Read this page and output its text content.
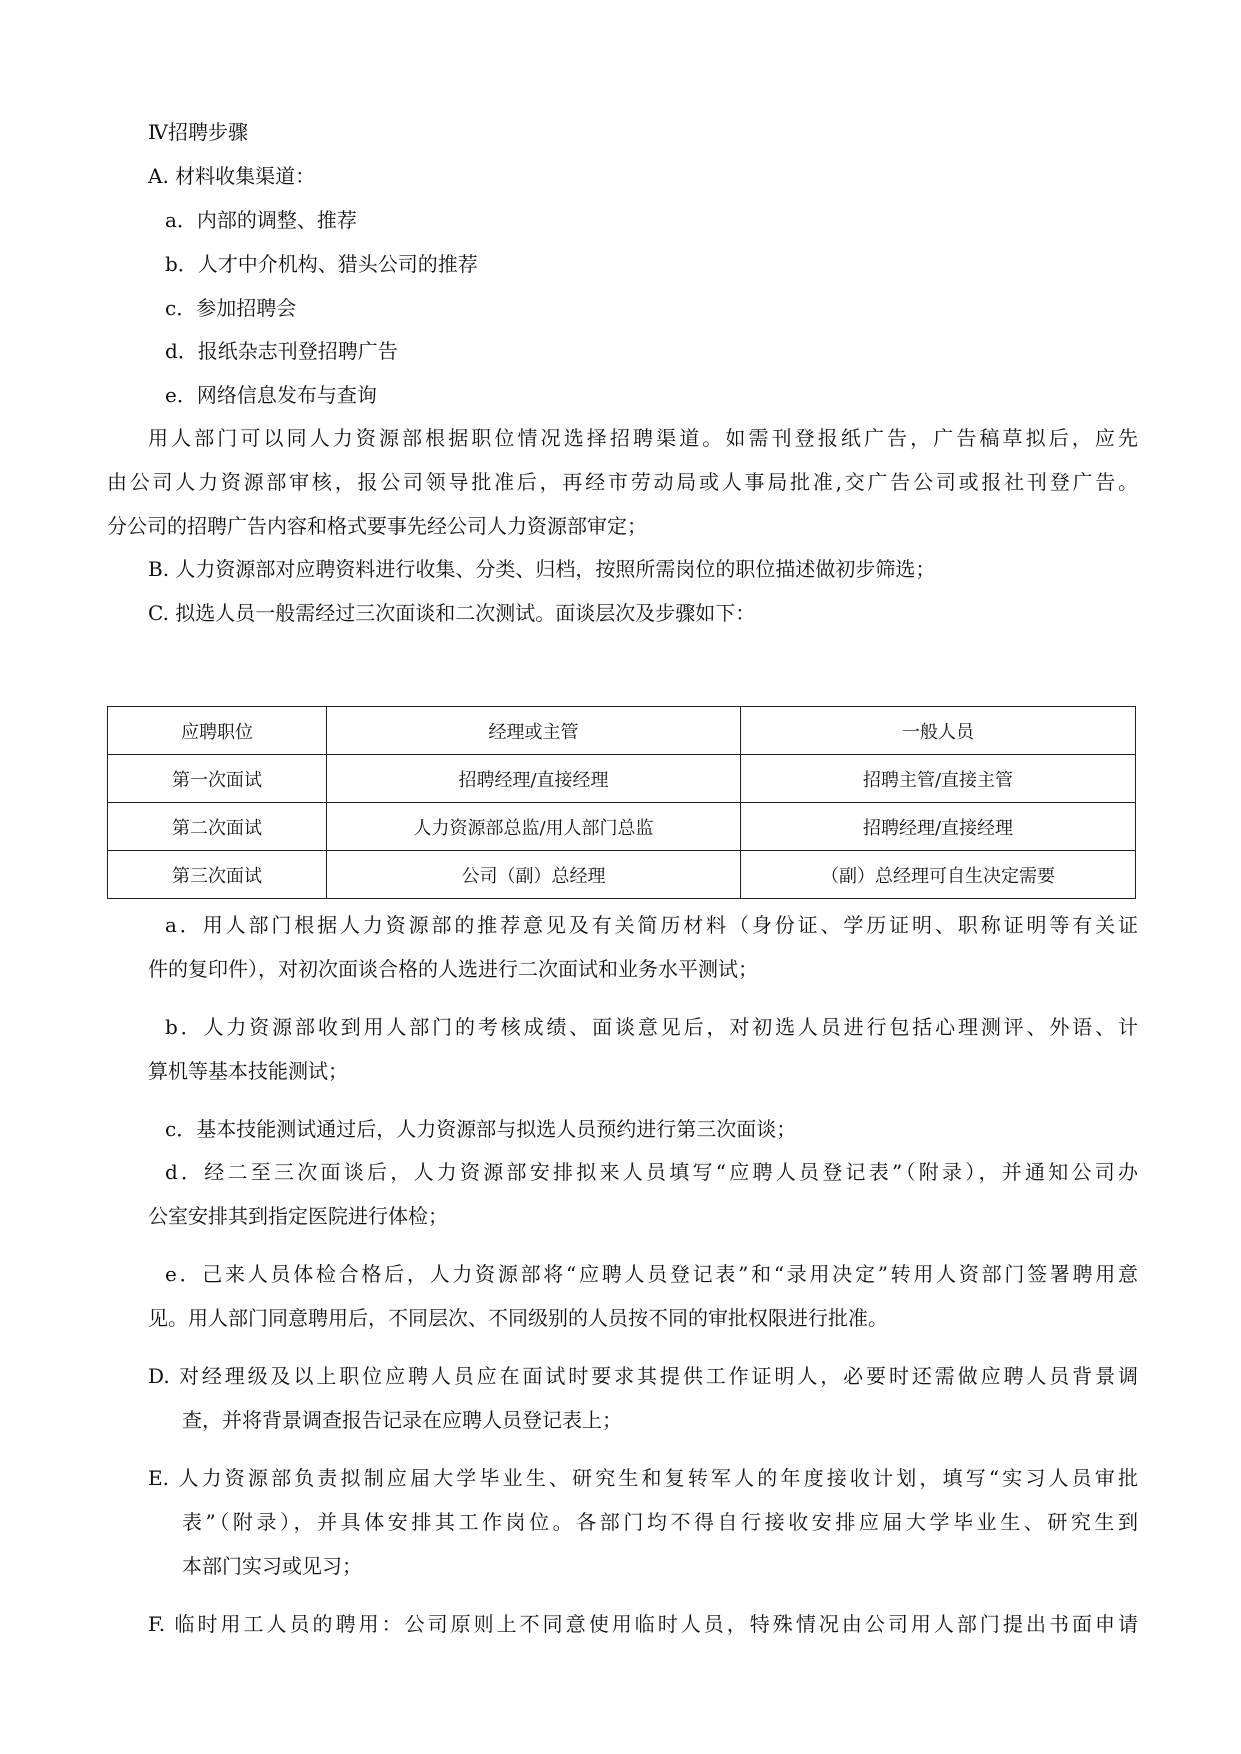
Ⅳ招聘步骤
A. 材料收集渠道：
a．内部的调整、推荐
b．人才中介机构、猎头公司的推荐
c．参加招聘会
d．报纸杂志刊登招聘广告
e．网络信息发布与查询
用人部门可以同人力资源部根据职位情况选择招聘渠道。如需刊登报纸广告，广告稿草拟后，应先
由公司人力资源部审核，报公司领导批准后，再经市劳动局或人事局批准,交广告公司或报社刊登广告。
分公司的招聘广告内容和格式要事先经公司人力资源部审定；
B. 人力资源部对应聘资料进行收集、分类、归档，按照所需岗位的职位描述做初步筛选；
C. 拟选人员一般需经过三次面谈和二次测试。面谈层次及步骤如下：
应聘职位	经理或主管	一般人员
第一次面试	招聘经理/直接经理	招聘主管/直接主管
第二次面试	人力资源部总监/用人部门总监	招聘经理/直接经理
第三次面试	公司（副）总经理	（副）总经理可自生决定需要
a．用人部门根据人力资源部的推荐意见及有关简历材料（身份证、学历证明、职称证明等有关证
件的复印件），对初次面谈合格的人选进行二次面试和业务水平测试；
b．人力资源部收到用人部门的考核成绩、面谈意见后，对初选人员进行包括心理测评、外语、计
算机等基本技能测试；
c．基本技能测试通过后，人力资源部与拟选人员预约进行第三次面谈；
d．经二至三次面谈后，人力资源部安排拟来人员填写“应聘人员登记表”（附录），并通知公司办
公室安排其到指定医院进行体检；
e．己来人员体检合格后，人力资源部将“应聘人员登记表”和“录用决定”转用人资部门签署聘用意
见。用人部门同意聘用后，不同层次、不同级别的人员按不同的审批权限进行批准。
D. 对经理级及以上职位应聘人员应在面试时要求其提供工作证明人，必要时还需做应聘人员背景调
查，并将背景调查报告记录在应聘人员登记表上；
E. 人力资源部负责拟制应届大学毕业生、研究生和复转军人的年度接收计划，填写“实习人员审批
表”（附录），并具体安排其工作岗位。各部门均不得自行接收安排应届大学毕业生、研究生到
本部门实习或见习；
F. 临时用工人员的聘用：公司原则上不同意使用临时人员，特殊情况由公司用人部门提出书面申请
